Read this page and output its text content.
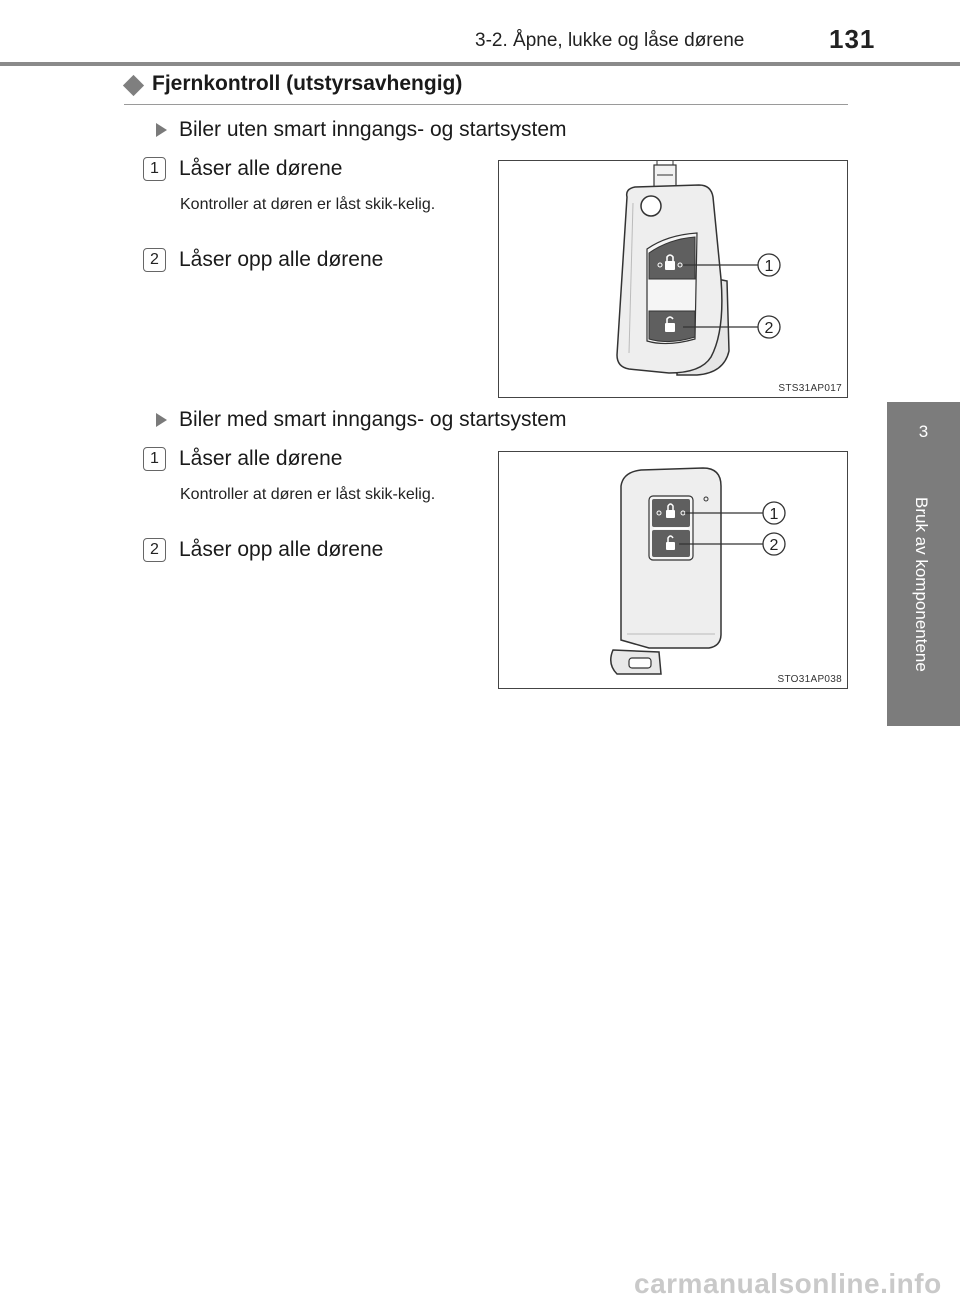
3-2. Åpne, lukke og låse dørene	131
3
Bruk av komponentene
Fjernkontroll (utstyrsavhengig)
Biler uten smart inngangs- og startsystem
1 Låser alle dørene
Kontroller at døren er låst skik-kelig.
2 Låser opp alle dørene	1
2
STS31AP017
Biler med smart inngangs- og startsystem
1 Låser alle dørene
Kontroller at døren er låst skik-kelig.
2 Låser opp alle dørene
1
2
STO31AP038
carmanualsonline.info
